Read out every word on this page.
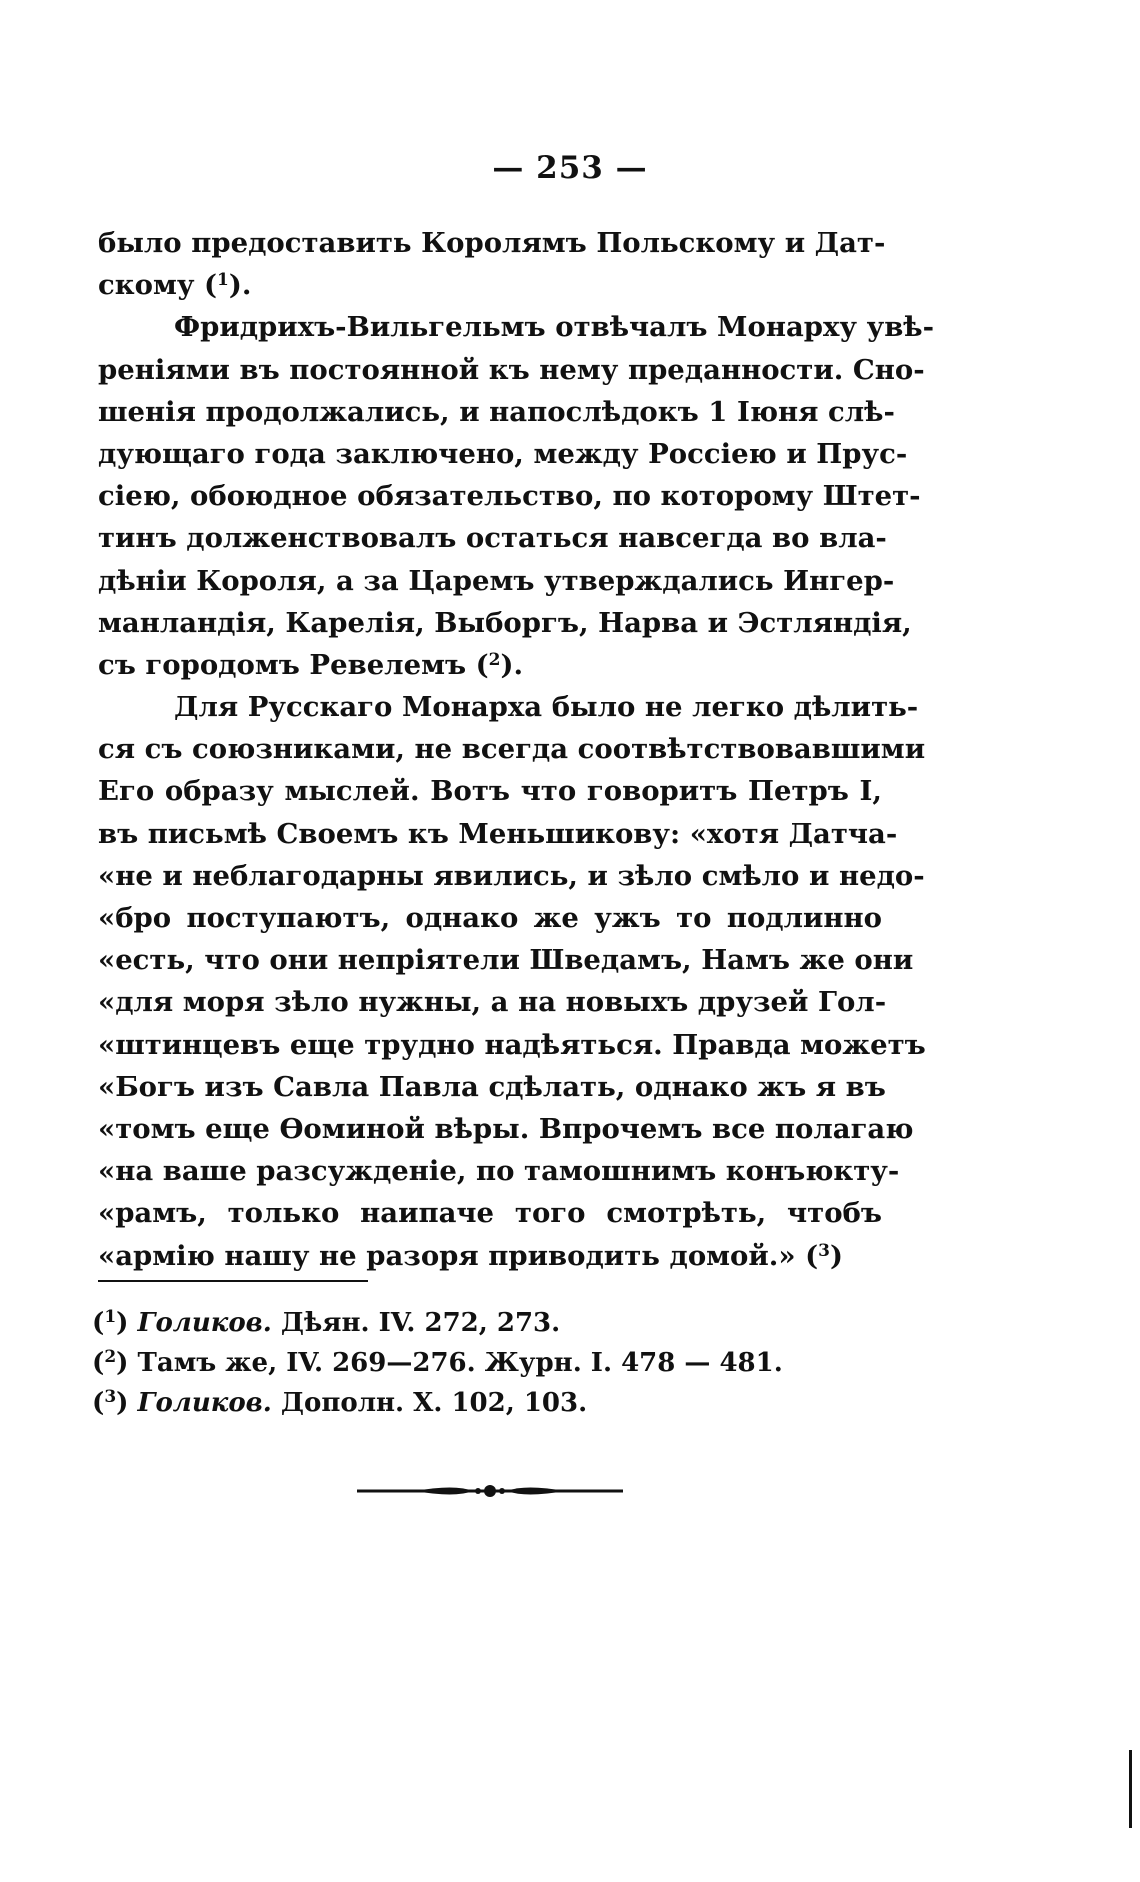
— 253 —
было предоставить Королямъ Польскому и Дат-
скому ($^1$).
Фридрихъ-Вильгельмъ отвѣчалъ Монарху увѣ-
реніями въ постоянной къ нему преданности. Сно-
шенія продолжались, и напослѣдокъ 1 Іюня слѣ-
дующаго года заключено, между Россіею и Прус-
сіею, обоюдное обязательство, по которому Штет-
тинъ долженствовалъ остаться навсегда во вла-
дѣніи Короля, а за Царемъ утверждались Ингер-
манландія, Карелія, Выборгъ, Нарва и Эстляндія,
съ городомъ Ревелемъ ($^2$).
Для Русскаго Монарха было не легко дѣлить-
ся съ союзниками, не всегда соотвѣтствовавшими
Его образу мыслей. Вотъ что говоритъ Петръ I,
въ письмѣ Своемъ къ Меньшикову: «хотя Датча-
«не и неблагодарны явились, и зѣло смѣло и недо-
«бро поступаютъ, однако же ужъ то подлинно
«есть, что они непріятели Шведамъ, Намъ же они
«для моря зѣло нужны, а на новыхъ друзей Гол-
«штинцевъ еще трудно надѣяться. Правда можетъ
«Богъ изъ Савла Павла сдѣлать, однако жъ я въ
«томъ еще Ѳоминой вѣры. Впрочемъ все полагаю
«на ваше разсужденіе, по тамошнимъ конъюкту-
«рамъ, только наипаче того смотрѣть, чтобъ
«армію нашу не разоря приводить домой.» ($^3$)
($^1$) Голиков. Дѣян. IV. 272, 273.
($^2$) Тамъ же, IV. 269—276. Журн. I. 478 — 481.
($^3$) Голиков. Дополн. X. 102, 103.
